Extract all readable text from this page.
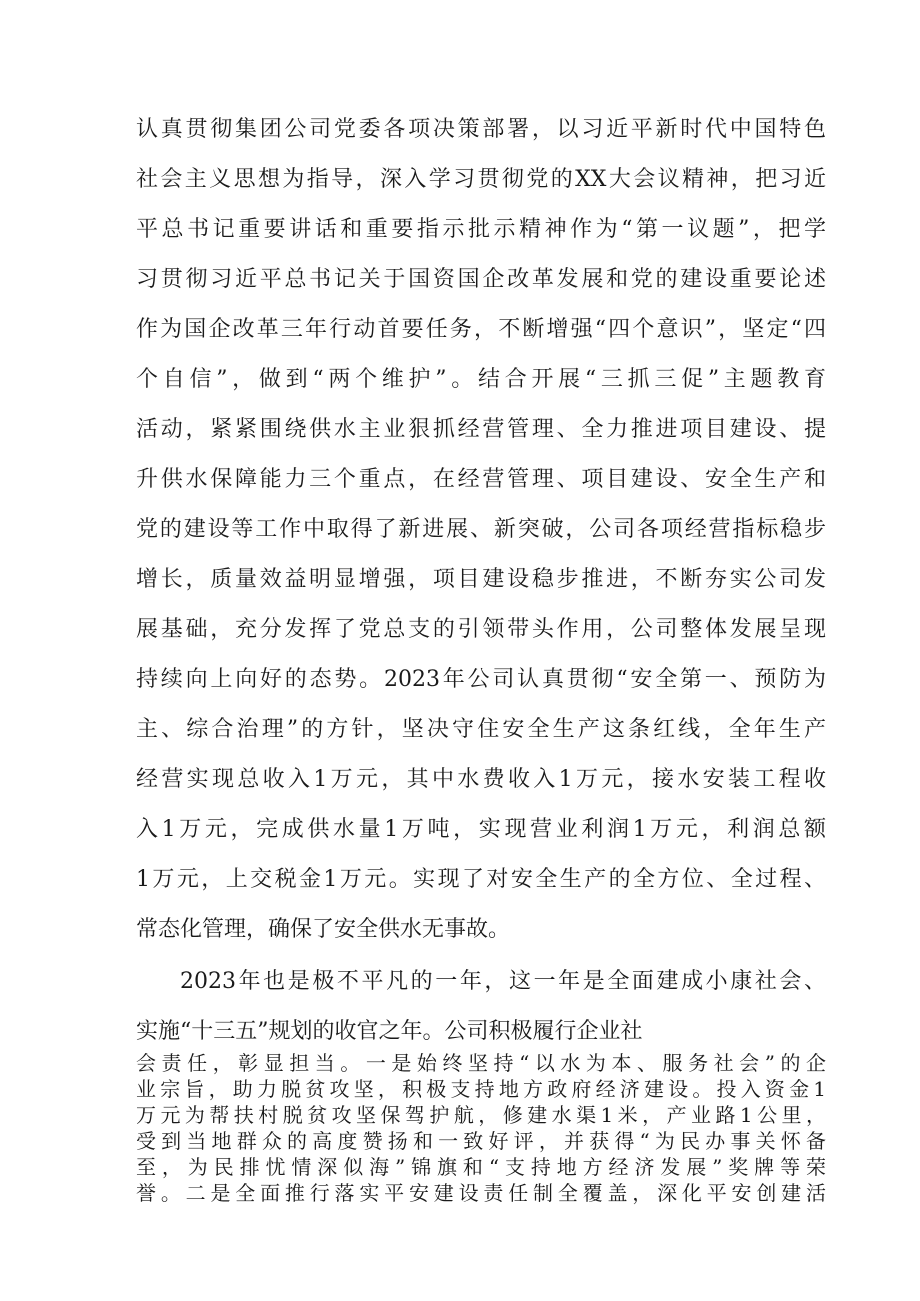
认真贯彻集团公司党委各项决策部署，以习近平新时代中国特色
社会主义思想为指导，深入学习贯彻党的XX大会议精神，把习近
平总书记重要讲话和重要指示批示精神作为“第一议题”，把学
习贯彻习近平总书记关于国资国企改革发展和党的建设重要论述
作为国企改革三年行动首要任务，不断增强“四个意识”，坚定“四
个自信”，做到“两个维护”。结合开展“三抓三促”主题教育
活动，紧紧围绕供水主业狠抓经营管理、全力推进项目建设、提
升供水保障能力三个重点，在经营管理、项目建设、安全生产和
党的建设等工作中取得了新进展、新突破，公司各项经营指标稳步
增长，质量效益明显增强，项目建设稳步推进，不断夯实公司发
展基础，充分发挥了党总支的引领带头作用，公司整体发展呈现
持续向上向好的态势。2023年公司认真贯彻“安全第一、预防为
主、综合治理”的方针，坚决守住安全生产这条红线，全年生产
经营实现总收入1万元，其中水费收入1万元，接水安装工程收
入1万元，完成供水量1万吨，实现营业利润1万元，利润总额
1万元，上交税金1万元。实现了对安全生产的全方位、全过程、
常态化管理，确保了安全供水无事故。
2023年也是极不平凡的一年，这一年是全面建成小康社会、
实施“十三五”规划的收官之年。公司积极履行企业社
会责任，彰显担当。一是始终坚持“以水为本、服务社会”的企
业宗旨，助力脱贫攻坚，积极支持地方政府经济建设。投入资金1
万元为帮扶村脱贫攻坚保驾护航，修建水渠1米，产业路1公里，
受到当地群众的高度赞扬和一致好评，并获得“为民办事关怀备
至，为民排忧情深似海”锦旗和“支持地方经济发展”奖牌等荣
誉。二是全面推行落实平安建设责任制全覆盖，深化平安创建活
